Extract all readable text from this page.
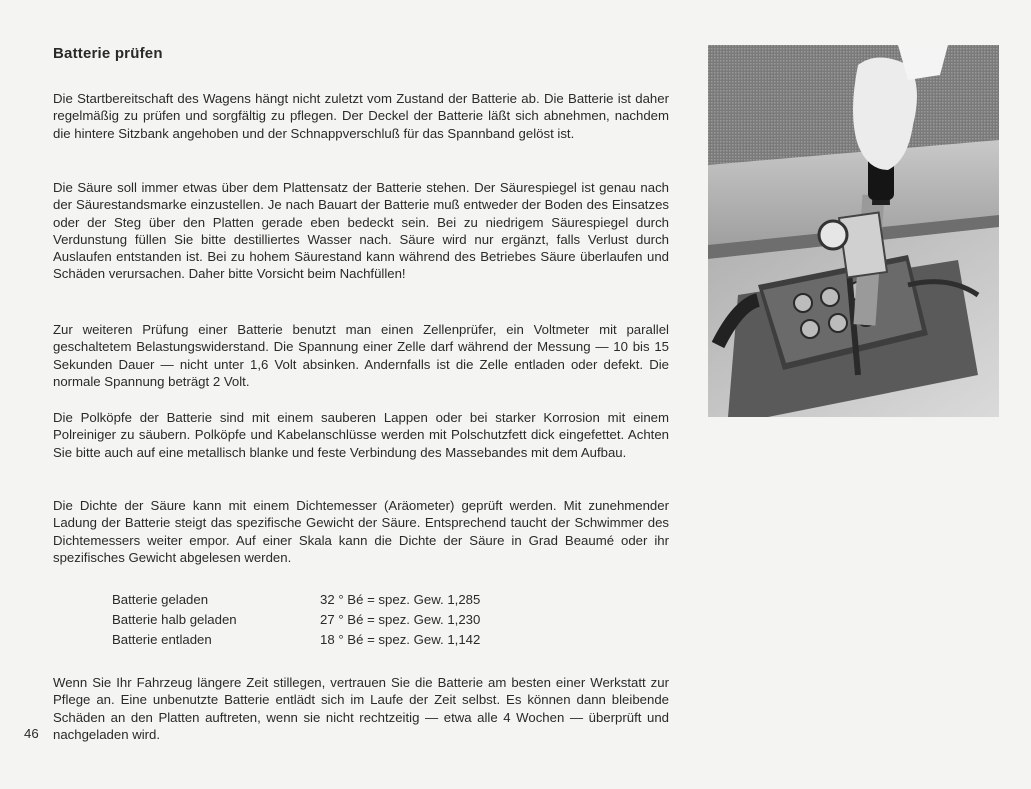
Batterie prüfen

Die Startbereitschaft des Wagens hängt nicht zuletzt vom Zustand der Batterie ab. Die Batterie ist daher regelmäßig zu prüfen und sorgfältig zu pflegen. Der Deckel der Batterie läßt sich abnehmen, nachdem die hintere Sitzbank angehoben und der Schnappverschluß für das Spannband gelöst ist.

Die Säure soll immer etwas über dem Plattensatz der Batterie stehen. Der Säurespiegel ist genau nach der Säurestandsmarke einzustellen. Je nach Bauart der Batterie muß entweder der Boden des Einsatzes oder der Steg über den Platten gerade eben bedeckt sein. Bei zu niedrigem Säurespiegel durch Verdunstung füllen Sie bitte destilliertes Wasser nach. Säure wird nur ergänzt, falls Verlust durch Auslaufen entstanden ist. Bei zu hohem Säurestand kann während des Betriebes Säure überlaufen und Schäden verursachen. Daher bitte Vorsicht beim Nachfüllen!

Zur weiteren Prüfung einer Batterie benutzt man einen Zellenprüfer, ein Voltmeter mit parallel geschaltetem Belastungswiderstand. Die Spannung einer Zelle darf während der Messung — 10 bis 15 Sekunden Dauer — nicht unter 1,6 Volt absinken. Andernfalls ist die Zelle entladen oder defekt. Die normale Spannung beträgt 2 Volt.

Die Polköpfe der Batterie sind mit einem sauberen Lappen oder bei starker Korrosion mit einem Polreiniger zu säubern. Polköpfe und Kabelanschlüsse werden mit Polschutzfett dick eingefettet. Achten Sie bitte auch auf eine metallisch blanke und feste Verbindung des Massebandes mit dem Aufbau.

Die Dichte der Säure kann mit einem Dichtemesser (Aräometer) geprüft werden. Mit zunehmender Ladung der Batterie steigt das spezifische Gewicht der Säure. Entsprechend taucht der Schwimmer des Dichtemessers weiter empor. Auf einer Skala kann die Dichte der Säure in Grad Beaumé oder ihr spezifisches Gewicht abgelesen werden.

Batterie geladen	32 ° Bé = spez. Gew. 1,285
Batterie halb geladen	27 ° Bé = spez. Gew. 1,230
Batterie entladen	18 ° Bé = spez. Gew. 1,142

Wenn Sie Ihr Fahrzeug längere Zeit stillegen, vertrauen Sie die Batterie am besten einer Werkstatt zur Pflege an. Eine unbenutzte Batterie entlädt sich im Laufe der Zeit selbst. Es können dann bleibende Schäden an den Platten auftreten, wenn sie nicht rechtzeitig — etwa alle 4 Wochen — überprüft und nachgeladen wird.

46
